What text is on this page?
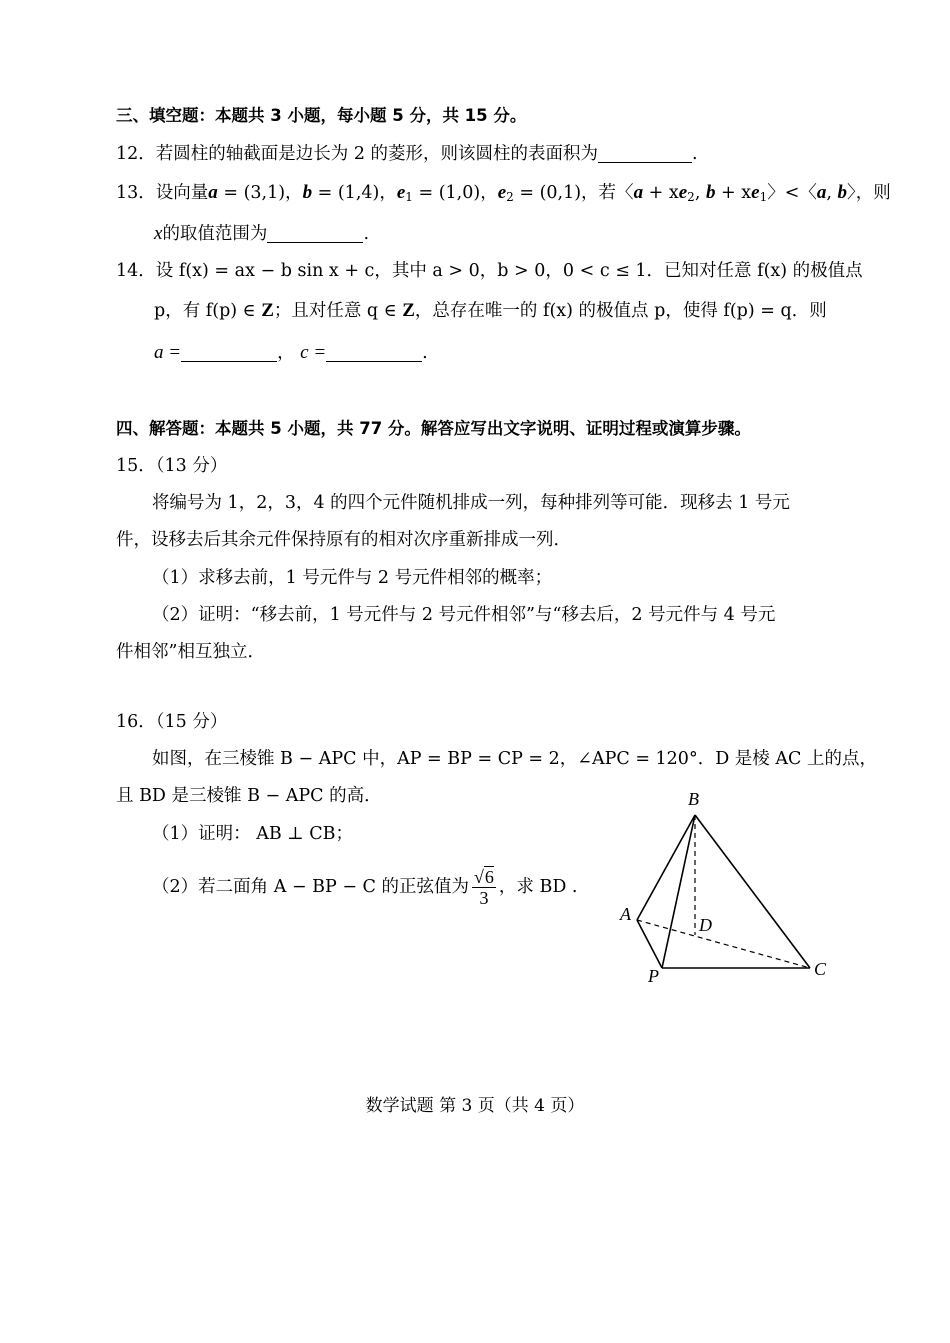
三、填空题：本题共 3 小题，每小题 5 分，共 15 分。
12．若圆柱的轴截面是边长为 2 的菱形，则该圆柱的表面积为	.
13．设向量a = (3,1)，b = (1,4)，$e_1 = (1,0)$，$e_2 = (0,1)$，若〈$a + xe_2$, $b + xe_1$〉<〈a, b〉，则
x的取值范围为	.
14．设 f(x) = ax − b sin x + c，其中 a > 0，b > 0，0 < c ≤ 1．已知对任意 f(x) 的极值点
p，有 f(p) ∈ Z；且对任意 q ∈ Z，总存在唯一的 f(x) 的极值点 p，使得 f(p) = q．则
a =	， c =	.
四、解答题：本题共 5 小题，共 77 分。解答应写出文字说明、证明过程或演算步骤。
15．（13 分）
将编号为 1，2，3，4 的四个元件随机排成一列，每种排列等可能．现移去 1 号元
件，设移去后其余元件保持原有的相对次序重新排成一列．
（1）求移去前，1 号元件与 2 号元件相邻的概率；
（2）证明：“移去前，1 号元件与 2 号元件相邻”与“移去后，2 号元件与 4 号元
件相邻”相互独立．
16．（15 分）
如图，在三棱锥 B − APC 中，AP = BP = CP = 2，∠APC = 120°．D 是棱 AC 上的点，
且 BD 是三棱锥 B − APC 的高．
（1）证明： AB ⊥ CB；
（2）若二面角 A − BP − C 的正弦值为 $\frac{√6}{3}$ ，求 BD .
B
A
D
P	C
数学试题 第 3 页（共 4 页）
